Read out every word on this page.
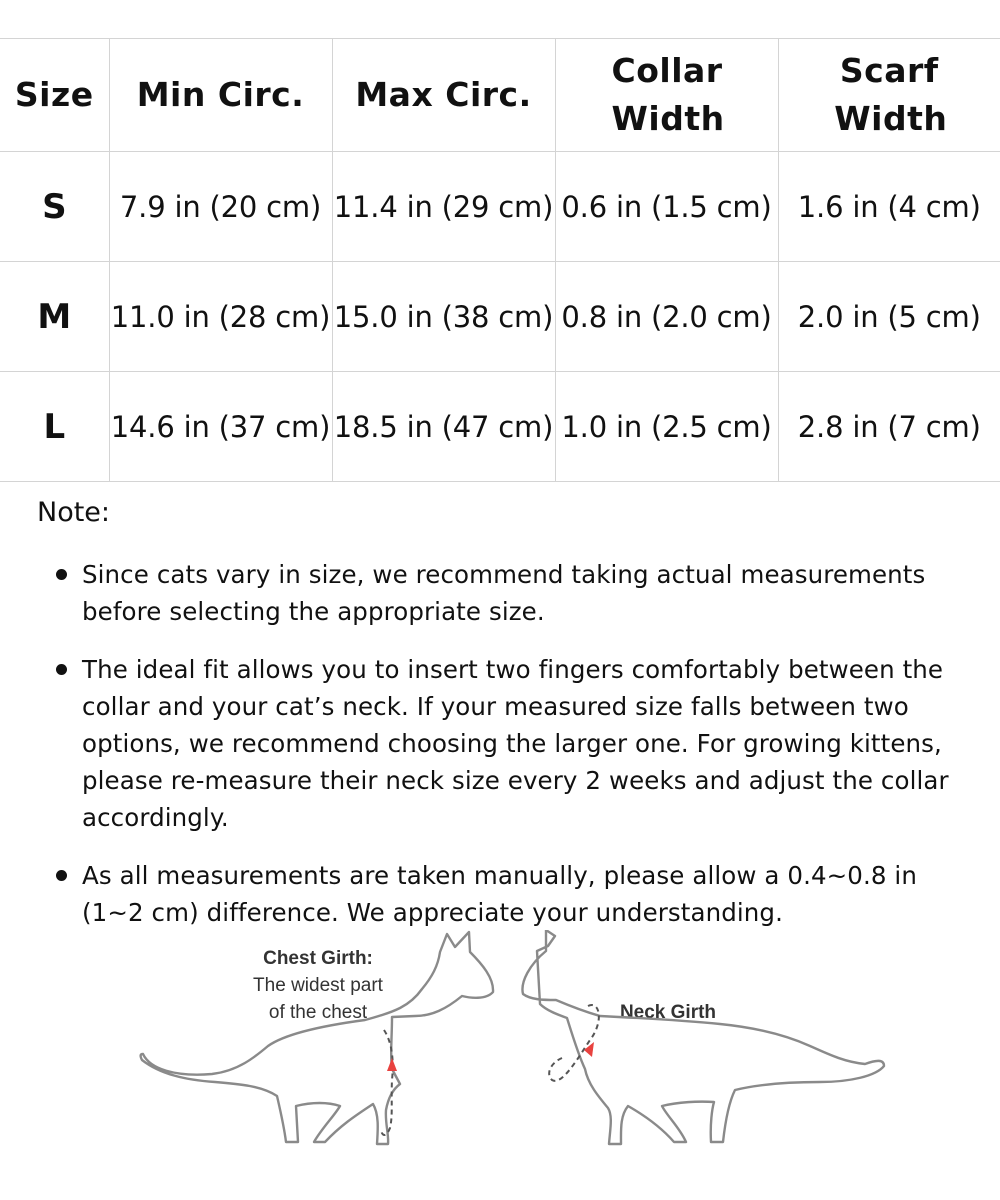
Size	Min Circ.	Max Circ.	Collar Width	Scarf Width

S	7.9 in (20 cm)	11.4 in (29 cm)	0.6 in (1.5 cm)	1.6 in (4 cm)
M	11.0 in (28 cm)	15.0 in (38 cm)	0.8 in (2.0 cm)	2.0 in (5 cm)
L	14.6 in (37 cm)	18.5 in (47 cm)	1.0 in (2.5 cm)	2.8 in (7 cm)
Note:
Since cats vary in size, we recommend taking actual measurements before selecting the appropriate size.
The ideal fit allows you to insert two fingers comfortably between the collar and your cat’s neck. If your measured size falls between two options, we recommend choosing the larger one. For growing kittens, please re-measure their neck size every 2 weeks and adjust the collar accordingly.
As all measurements are taken manually, please allow a 0.4~0.8 in (1~2 cm) difference. We appreciate your understanding.
Chest Girth:
The widest part
of the chest	Neck Girth
